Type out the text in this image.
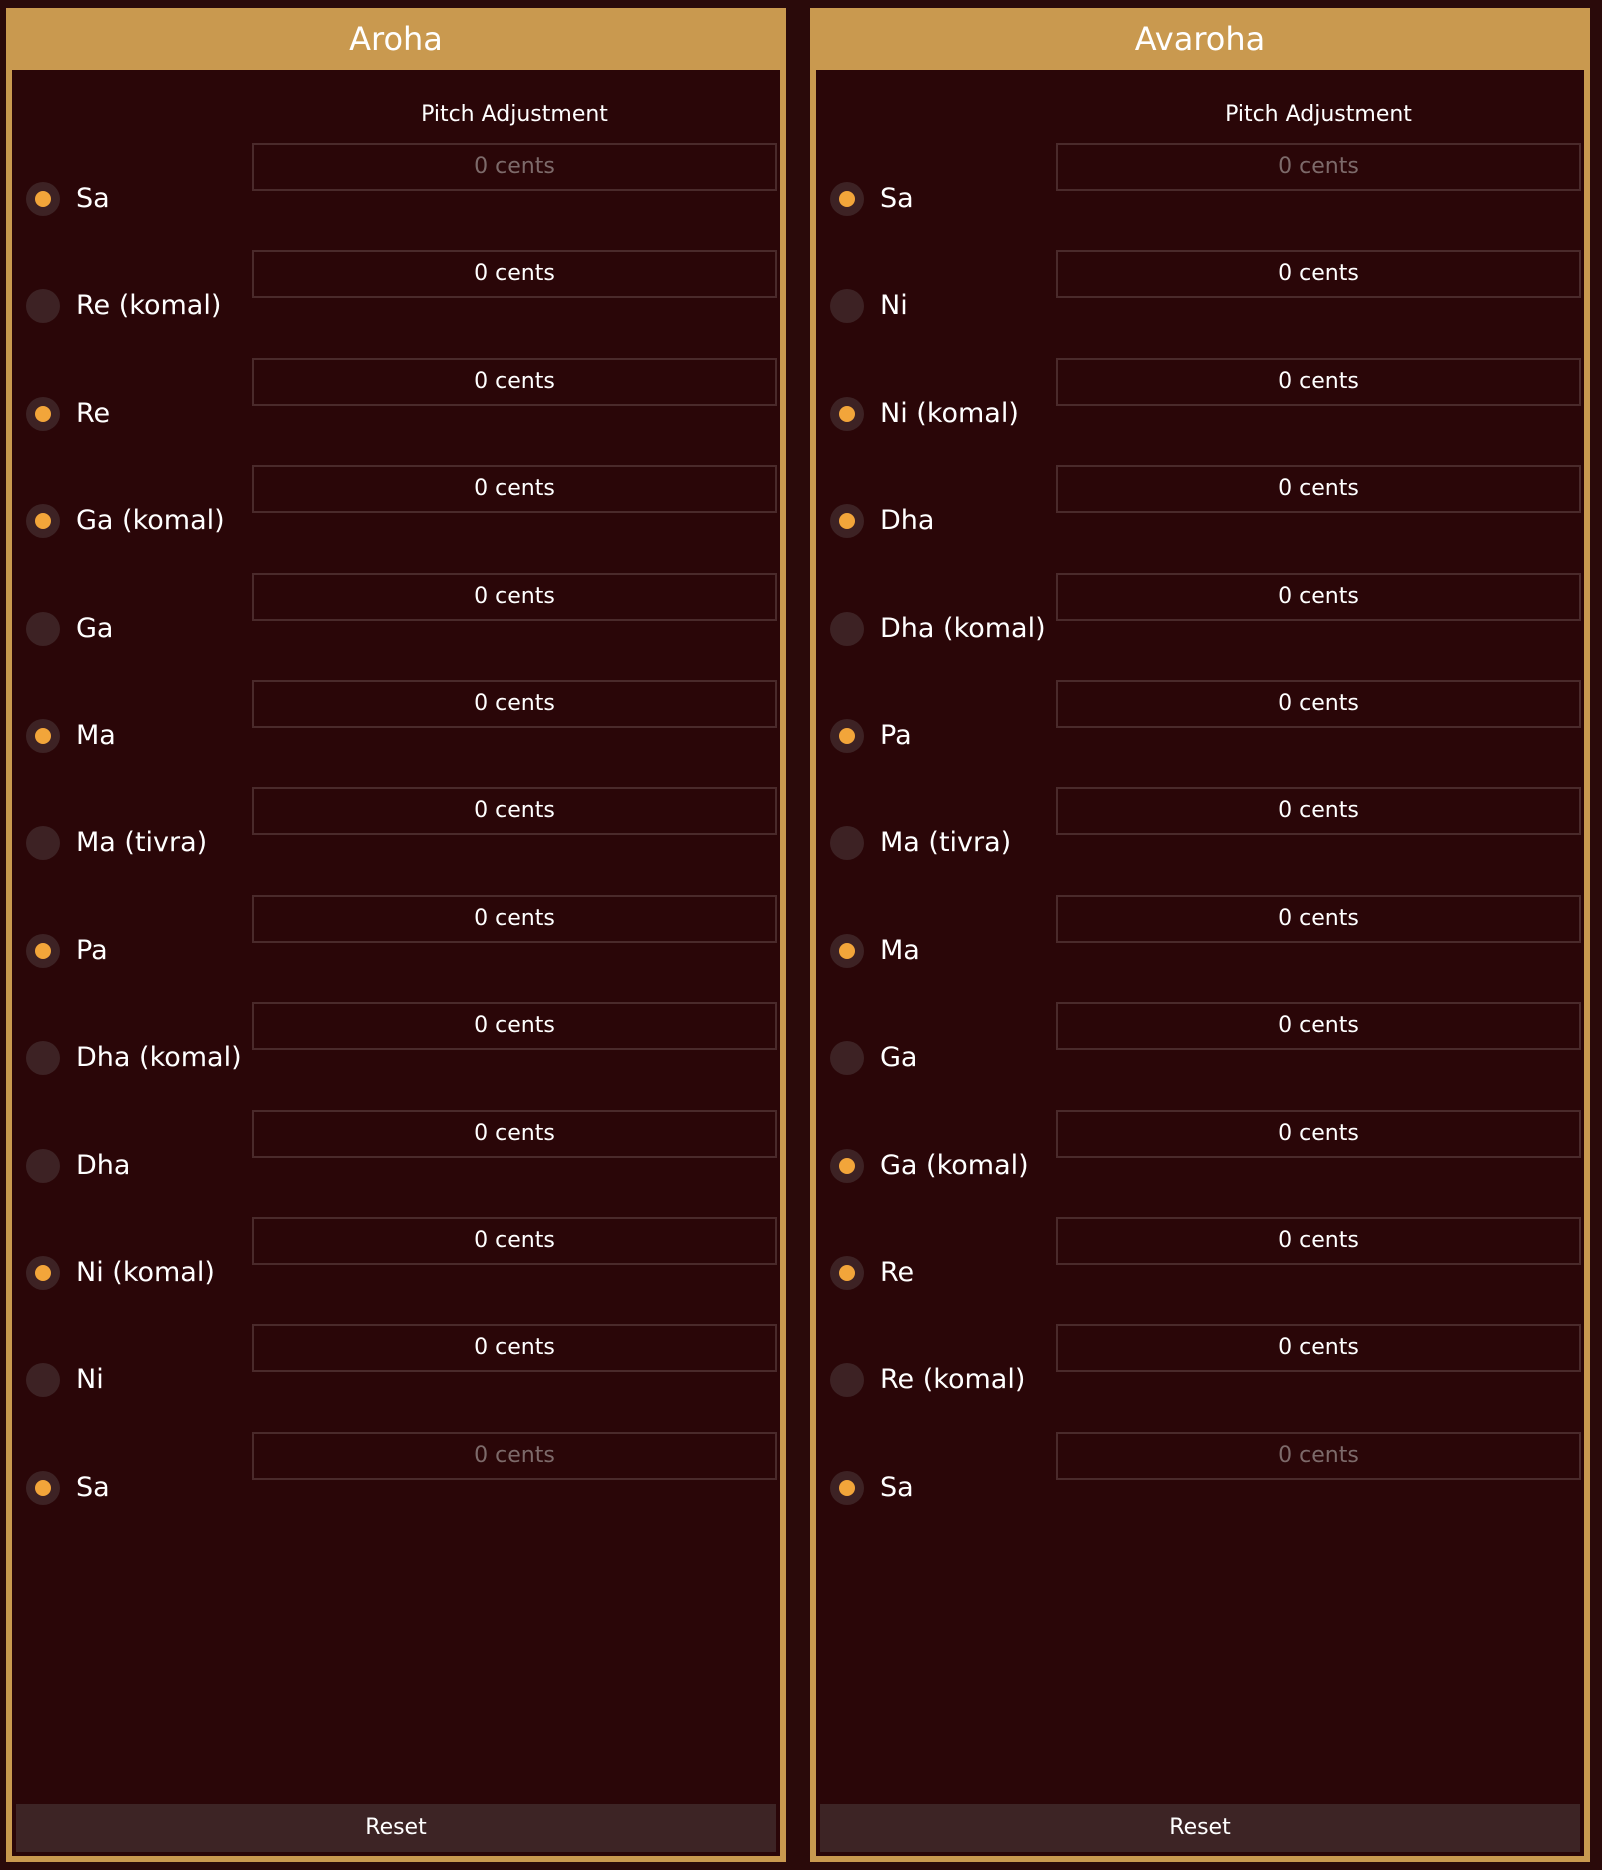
Aroha
Pitch Adjustment
Sa
0 cents
Re (komal)
0 cents
Re
0 cents
Ga (komal)
0 cents
Ga
0 cents
Ma
0 cents
Ma (tivra)
0 cents
Pa
0 cents
Dha (komal)
0 cents
Dha
0 cents
Ni (komal)
0 cents
Ni
0 cents
Sa
0 cents
Reset
Avaroha
Pitch Adjustment
Sa
0 cents
Ni
0 cents
Ni (komal)
0 cents
Dha
0 cents
Dha (komal)
0 cents
Pa
0 cents
Ma (tivra)
0 cents
Ma
0 cents
Ga
0 cents
Ga (komal)
0 cents
Re
0 cents
Re (komal)
0 cents
Sa
0 cents
Reset
